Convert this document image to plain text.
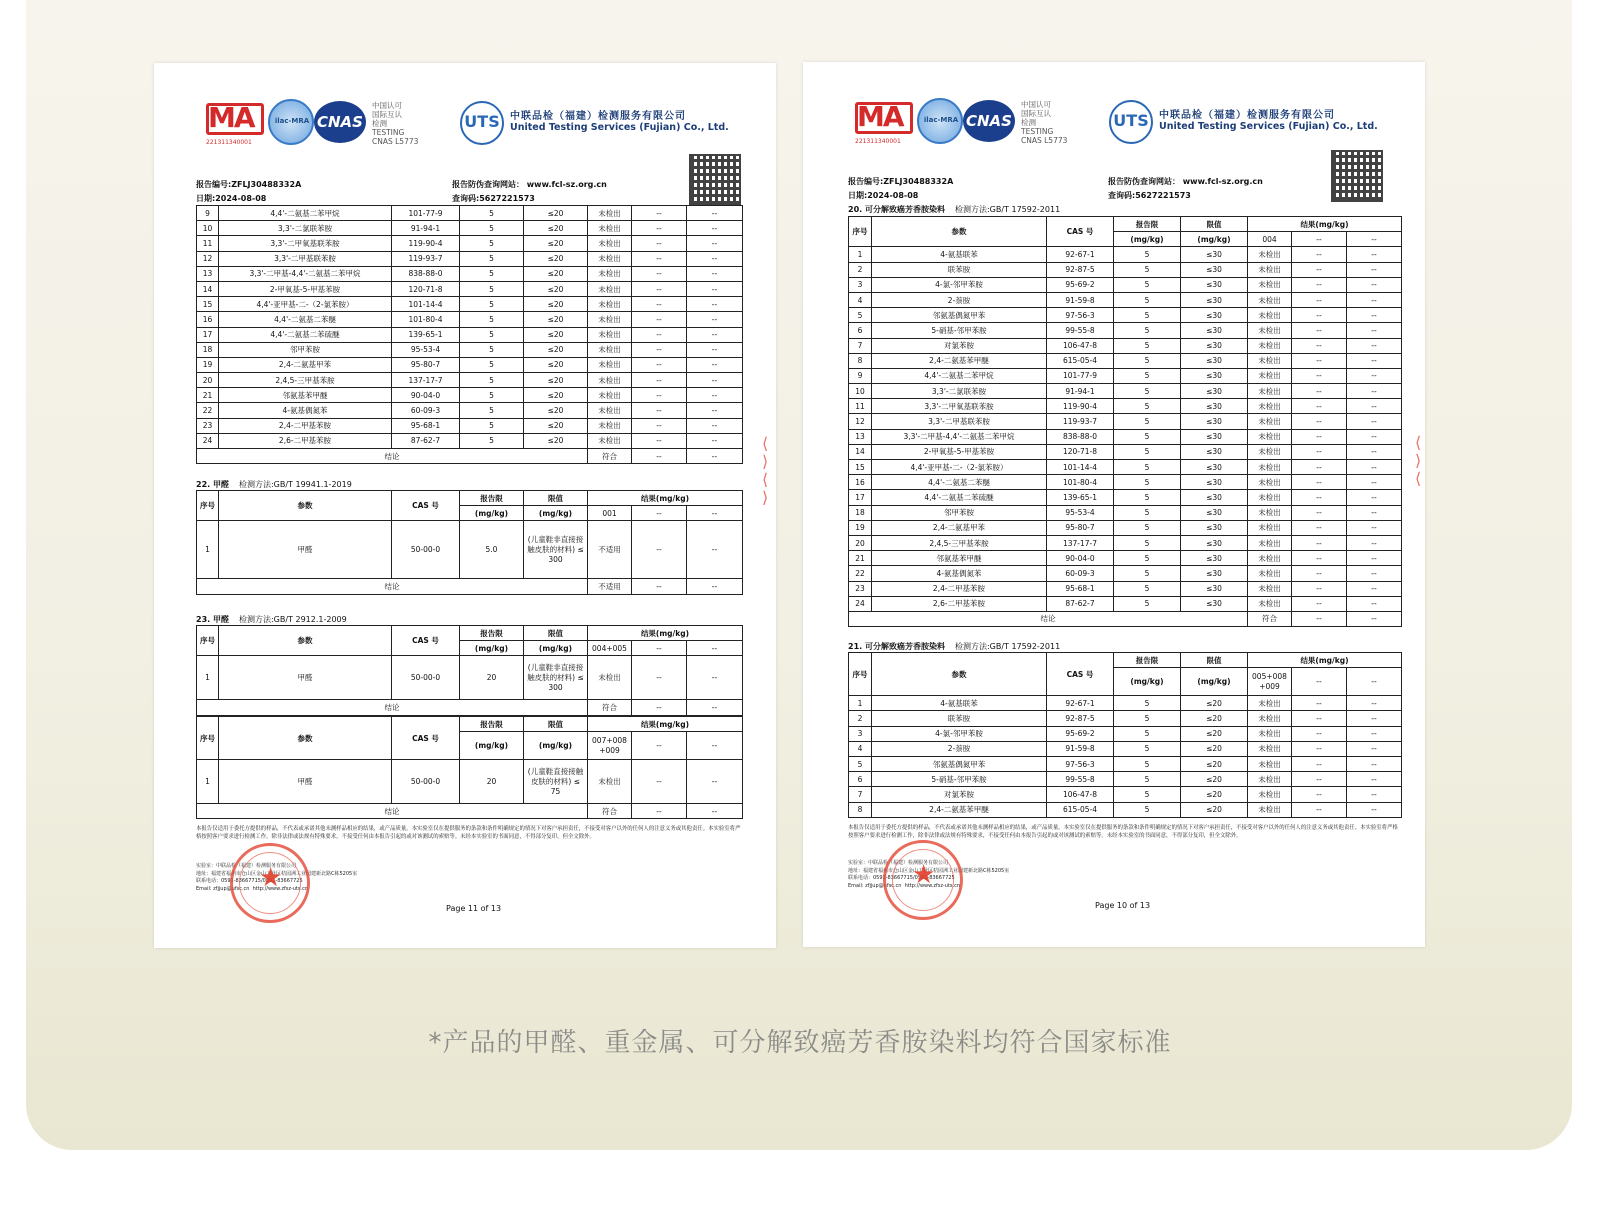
MA
221311340001
ilac-MRA CNAS
中国认可
国际互认
检测
TESTING
CNAS L5773
UTS 中联品检（福建）检测服务有限公司
United Testing Services (Fujian) Co., Ltd.
报告编号:ZFLJ30488332A
日期:2024-08-08
报告防伪查询网站： www.fcl-sz.org.cn
查询码:5627221573
9	4,4'-二氨基二苯甲烷	101-77-9	5	≤20	未检出	--	--
10	3,3'-二氯联苯胺	91-94-1	5	≤20	未检出	--	--
11	3,3'-二甲氧基联苯胺	119-90-4	5	≤20	未检出	--	--
12	3,3'-二甲基联苯胺	119-93-7	5	≤20	未检出	--	--
13	3,3'-二甲基-4,4'-二氨基二苯甲烷	838-88-0	5	≤20	未检出	--	--
14	2-甲氧基-5-甲基苯胺	120-71-8	5	≤20	未检出	--	--
15	4,4'-亚甲基-二-（2-氯苯胺）	101-14-4	5	≤20	未检出	--	--
16	4,4'-二氨基二苯醚	101-80-4	5	≤20	未检出	--	--
17	4,4'-二氨基二苯硫醚	139-65-1	5	≤20	未检出	--	--
18	邻甲苯胺	95-53-4	5	≤20	未检出	--	--
19	2,4-二氨基甲苯	95-80-7	5	≤20	未检出	--	--
20	2,4,5-三甲基苯胺	137-17-7	5	≤20	未检出	--	--
21	邻氨基苯甲醚	90-04-0	5	≤20	未检出	--	--
22	4-氨基偶氮苯	60-09-3	5	≤20	未检出	--	--
23	2,4-二甲基苯胺	95-68-1	5	≤20	未检出	--	--
24	2,6-二甲基苯胺	87-62-7	5	≤20	未检出	--	--
结论					符合	--	--
22. 甲醛 检测方法:GB/T 19941.1-2019
序号	参数	CAS 号	报告限	限值	结果(mg/kg)		
			(mg/kg)	(mg/kg)	001	--	--
1	甲醛	50-00-0	5.0	(儿童鞋非直接接触皮肤的材料) ≤ 300	不适用	--	--
结论					不适用	--	--
23. 甲醛 检测方法:GB/T 2912.1-2009
序号	参数	CAS 号	报告限	限值	结果(mg/kg)		
			(mg/kg)	(mg/kg)	004+005	--	--
1	甲醛	50-00-0	20	(儿童鞋非直接接触皮肤的材料) ≤ 300	未检出	--	--
结论					符合	--	--
序号	参数	CAS 号	报告限	限值	结果(mg/kg)		
			(mg/kg)	(mg/kg)	007+008 +009	--	--
1	甲醛	50-00-0	20	(儿童鞋直接接触皮肤的材料) ≤ 75	未检出	--	--
结论					符合	--	--
本报告仅适用于委托方提供的样品，不代表或承诺其他未测样品相应的结果，或产品质量。本实验室仅在提供服务的条款和条件明确规定的情况下对客户承担责任，不接受对客户以外的任何人的注意义务或其他责任。本实验室将严格按照客户要求进行检测工作，除非法律或法规有特殊要求，不接受任何由本报告引起的或对该测试的索赔等。未经本实验室的书面同意，不得部分复印，但全文除外。
实验室：中联品检（福建）检测服务有限公司
地址：福建省福州市仓山区金山工业区桔园洲工业园建新北路C栋5205室
联系电话：0591-83667715/0591-83667725
Email: zfjjup@ufsc.cn  http://www.zfsz-uts.cn
★
Page 11 of 13
⟨
⟩
⟨
⟩
MA
221311340001
ilac-MRA CNAS
中国认可
国际互认
检测
TESTING
CNAS L5773
UTS 中联品检（福建）检测服务有限公司
United Testing Services (Fujian) Co., Ltd.
报告编号:ZFLJ30488332A
日期:2024-08-08
报告防伪查询网站： www.fcl-sz.org.cn
查询码:5627221573
20. 可分解致癌芳香胺染料 检测方法:GB/T 17592-2011
序号	参数	CAS 号	报告限	限值	结果(mg/kg)		
			(mg/kg)	(mg/kg)	004	--	--
1	4-氨基联苯	92-67-1	5	≤30	未检出	--	--
2	联苯胺	92-87-5	5	≤30	未检出	--	--
3	4-氯-邻甲苯胺	95-69-2	5	≤30	未检出	--	--
4	2-萘胺	91-59-8	5	≤30	未检出	--	--
5	邻氨基偶氮甲苯	97-56-3	5	≤30	未检出	--	--
6	5-硝基-邻甲苯胺	99-55-8	5	≤30	未检出	--	--
7	对氯苯胺	106-47-8	5	≤30	未检出	--	--
8	2,4-二氨基苯甲醚	615-05-4	5	≤30	未检出	--	--
9	4,4'-二氨基二苯甲烷	101-77-9	5	≤30	未检出	--	--
10	3,3'-二氯联苯胺	91-94-1	5	≤30	未检出	--	--
11	3,3'-二甲氧基联苯胺	119-90-4	5	≤30	未检出	--	--
12	3,3'-二甲基联苯胺	119-93-7	5	≤30	未检出	--	--
13	3,3'-二甲基-4,4'-二氨基二苯甲烷	838-88-0	5	≤30	未检出	--	--
14	2-甲氧基-5-甲基苯胺	120-71-8	5	≤30	未检出	--	--
15	4,4'-亚甲基-二-（2-氯苯胺）	101-14-4	5	≤30	未检出	--	--
16	4,4'-二氨基二苯醚	101-80-4	5	≤30	未检出	--	--
17	4,4'-二氨基二苯硫醚	139-65-1	5	≤30	未检出	--	--
18	邻甲苯胺	95-53-4	5	≤30	未检出	--	--
19	2,4-二氨基甲苯	95-80-7	5	≤30	未检出	--	--
20	2,4,5-三甲基苯胺	137-17-7	5	≤30	未检出	--	--
21	邻氨基苯甲醚	90-04-0	5	≤30	未检出	--	--
22	4-氨基偶氮苯	60-09-3	5	≤30	未检出	--	--
23	2,4-二甲基苯胺	95-68-1	5	≤30	未检出	--	--
24	2,6-二甲基苯胺	87-62-7	5	≤30	未检出	--	--
结论					符合	--	--
21. 可分解致癌芳香胺染料 检测方法:GB/T 17592-2011
序号	参数	CAS 号	报告限	限值	结果(mg/kg)		
			(mg/kg)	(mg/kg)	005+008 +009	--	--
1	4-氨基联苯	92-67-1	5	≤20	未检出	--	--
2	联苯胺	92-87-5	5	≤20	未检出	--	--
3	4-氯-邻甲苯胺	95-69-2	5	≤20	未检出	--	--
4	2-萘胺	91-59-8	5	≤20	未检出	--	--
5	邻氨基偶氮甲苯	97-56-3	5	≤20	未检出	--	--
6	5-硝基-邻甲苯胺	99-55-8	5	≤20	未检出	--	--
7	对氯苯胺	106-47-8	5	≤20	未检出	--	--
8	2,4-二氨基苯甲醚	615-05-4	5	≤20	未检出	--	--
本报告仅适用于委托方提供的样品，不代表或承诺其他未测样品相应的结果，或产品质量。本实验室仅在提供服务的条款和条件明确规定的情况下对客户承担责任，不接受对客户以外的任何人的注意义务或其他责任。本实验室将严格按照客户要求进行检测工作，除非法律或法规有特殊要求，不接受任何由本报告引起的或对该测试的索赔等。未经本实验室的书面同意，不得部分复印，但全文除外。
实验室：中联品检（福建）检测服务有限公司
地址：福建省福州市仓山区金山工业区桔园洲工业园建新北路C栋5205室
联系电话：0591-83667715/0591-83667725
Email: zfjjup@ufsc.cn  http://www.zfsz-uts.cn
★
Page 10 of 13
⟨
⟩
⟨
*产品的甲醛、重金属、可分解致癌芳香胺染料均符合国家标准
